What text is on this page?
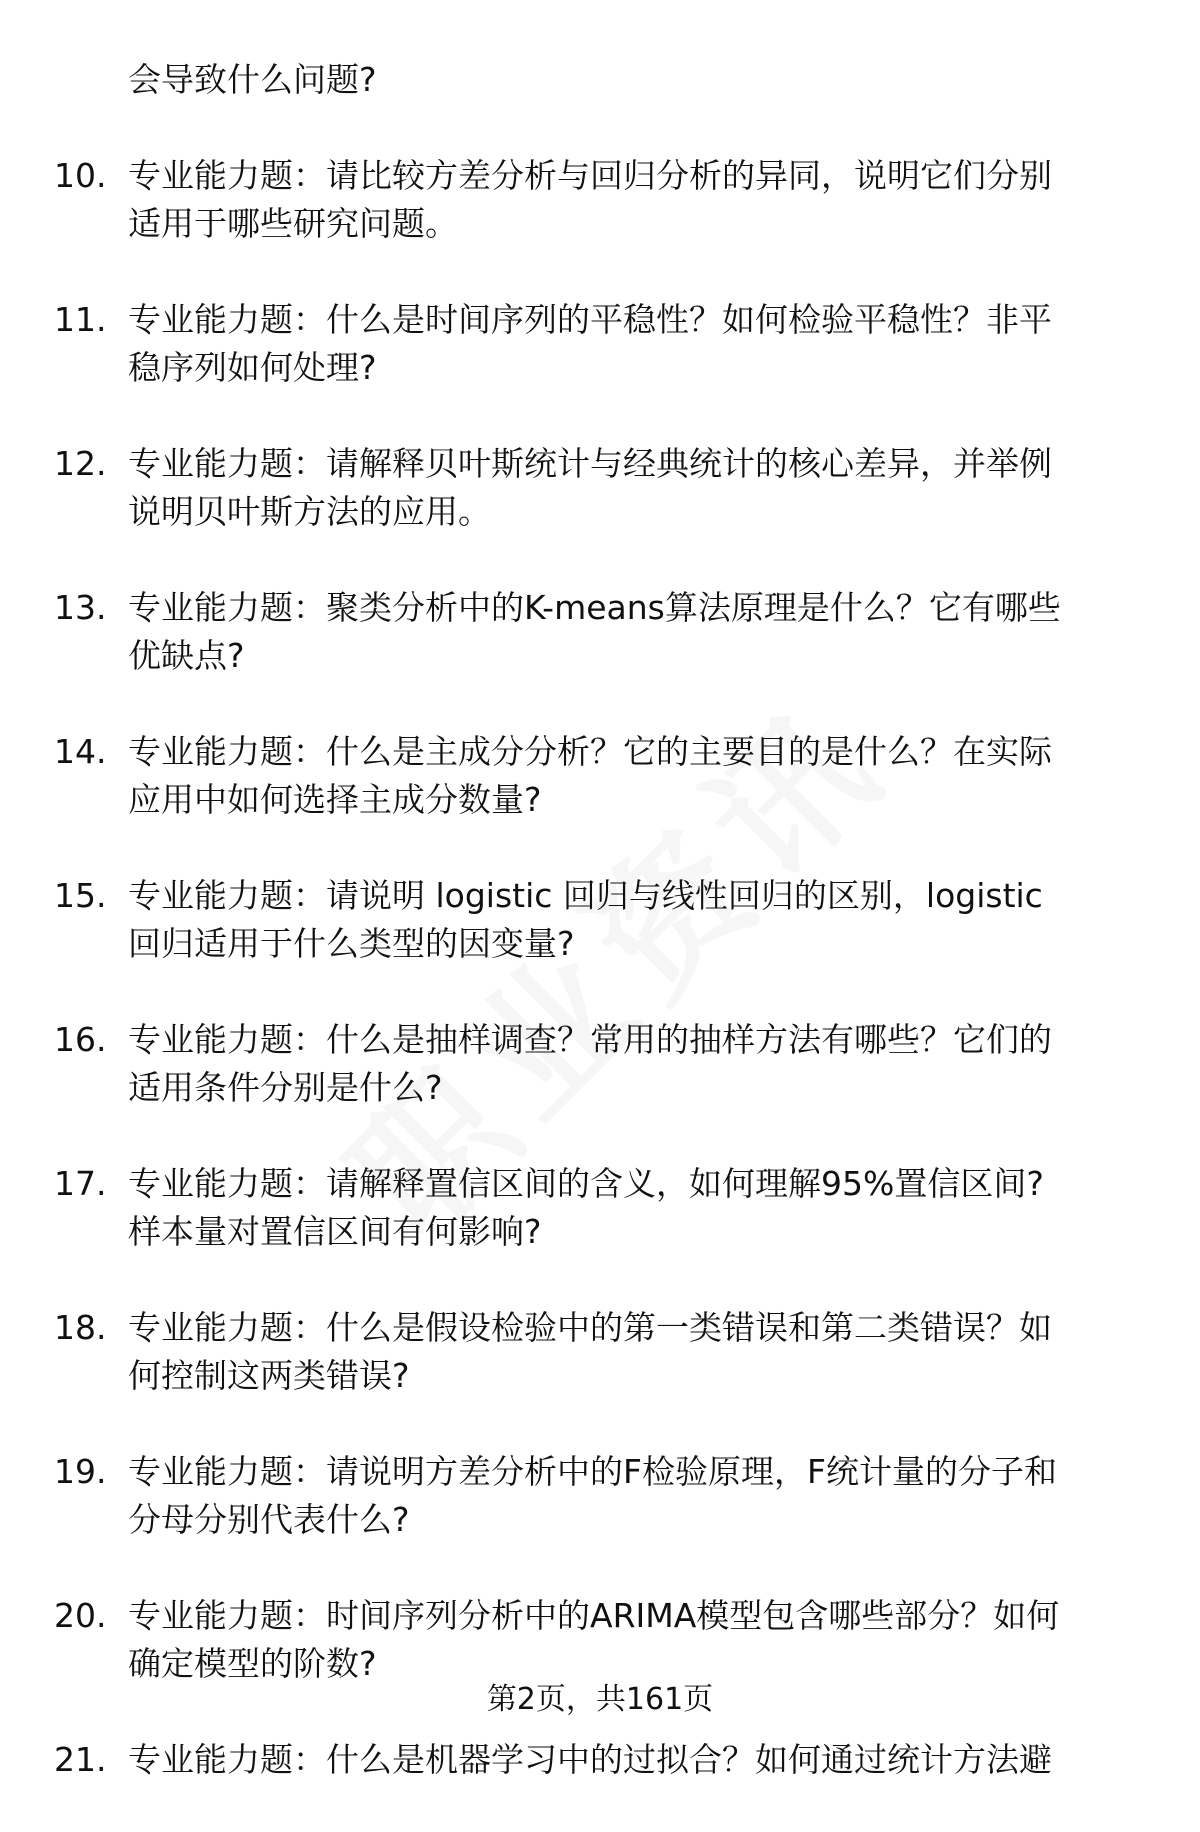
会导致什么问题?
10. 专业能力题：请比较方差分析与回归分析的异同，说明它们分别
适用于哪些研究问题。
11. 专业能力题：什么是时间序列的平稳性？如何检验平稳性？非平
稳序列如何处理?
12. 专业能力题：请解释贝叶斯统计与经典统计的核心差异，并举例
说明贝叶斯方法的应用。
13. 专业能力题：聚类分析中的K-means算法原理是什么？它有哪些
优缺点?
14. 专业能力题：什么是主成分分析？它的主要目的是什么？在实际
应用中如何选择主成分数量?
15. 专业能力题：请说明 logistic 回归与线性回归的区别，logistic
回归适用于什么类型的因变量?
16. 专业能力题：什么是抽样调查？常用的抽样方法有哪些？它们的
适用条件分别是什么?
17. 专业能力题：请解释置信区间的含义，如何理解95%置信区间?
样本量对置信区间有何影响?
18. 专业能力题：什么是假设检验中的第一类错误和第二类错误？如
何控制这两类错误?
19. 专业能力题：请说明方差分析中的F检验原理，F统计量的分子和
分母分别代表什么?
20. 专业能力题：时间序列分析中的ARIMA模型包含哪些部分？如何
确定模型的阶数?
21. 专业能力题：什么是机器学习中的过拟合？如何通过统计方法避
第2页，共161页
